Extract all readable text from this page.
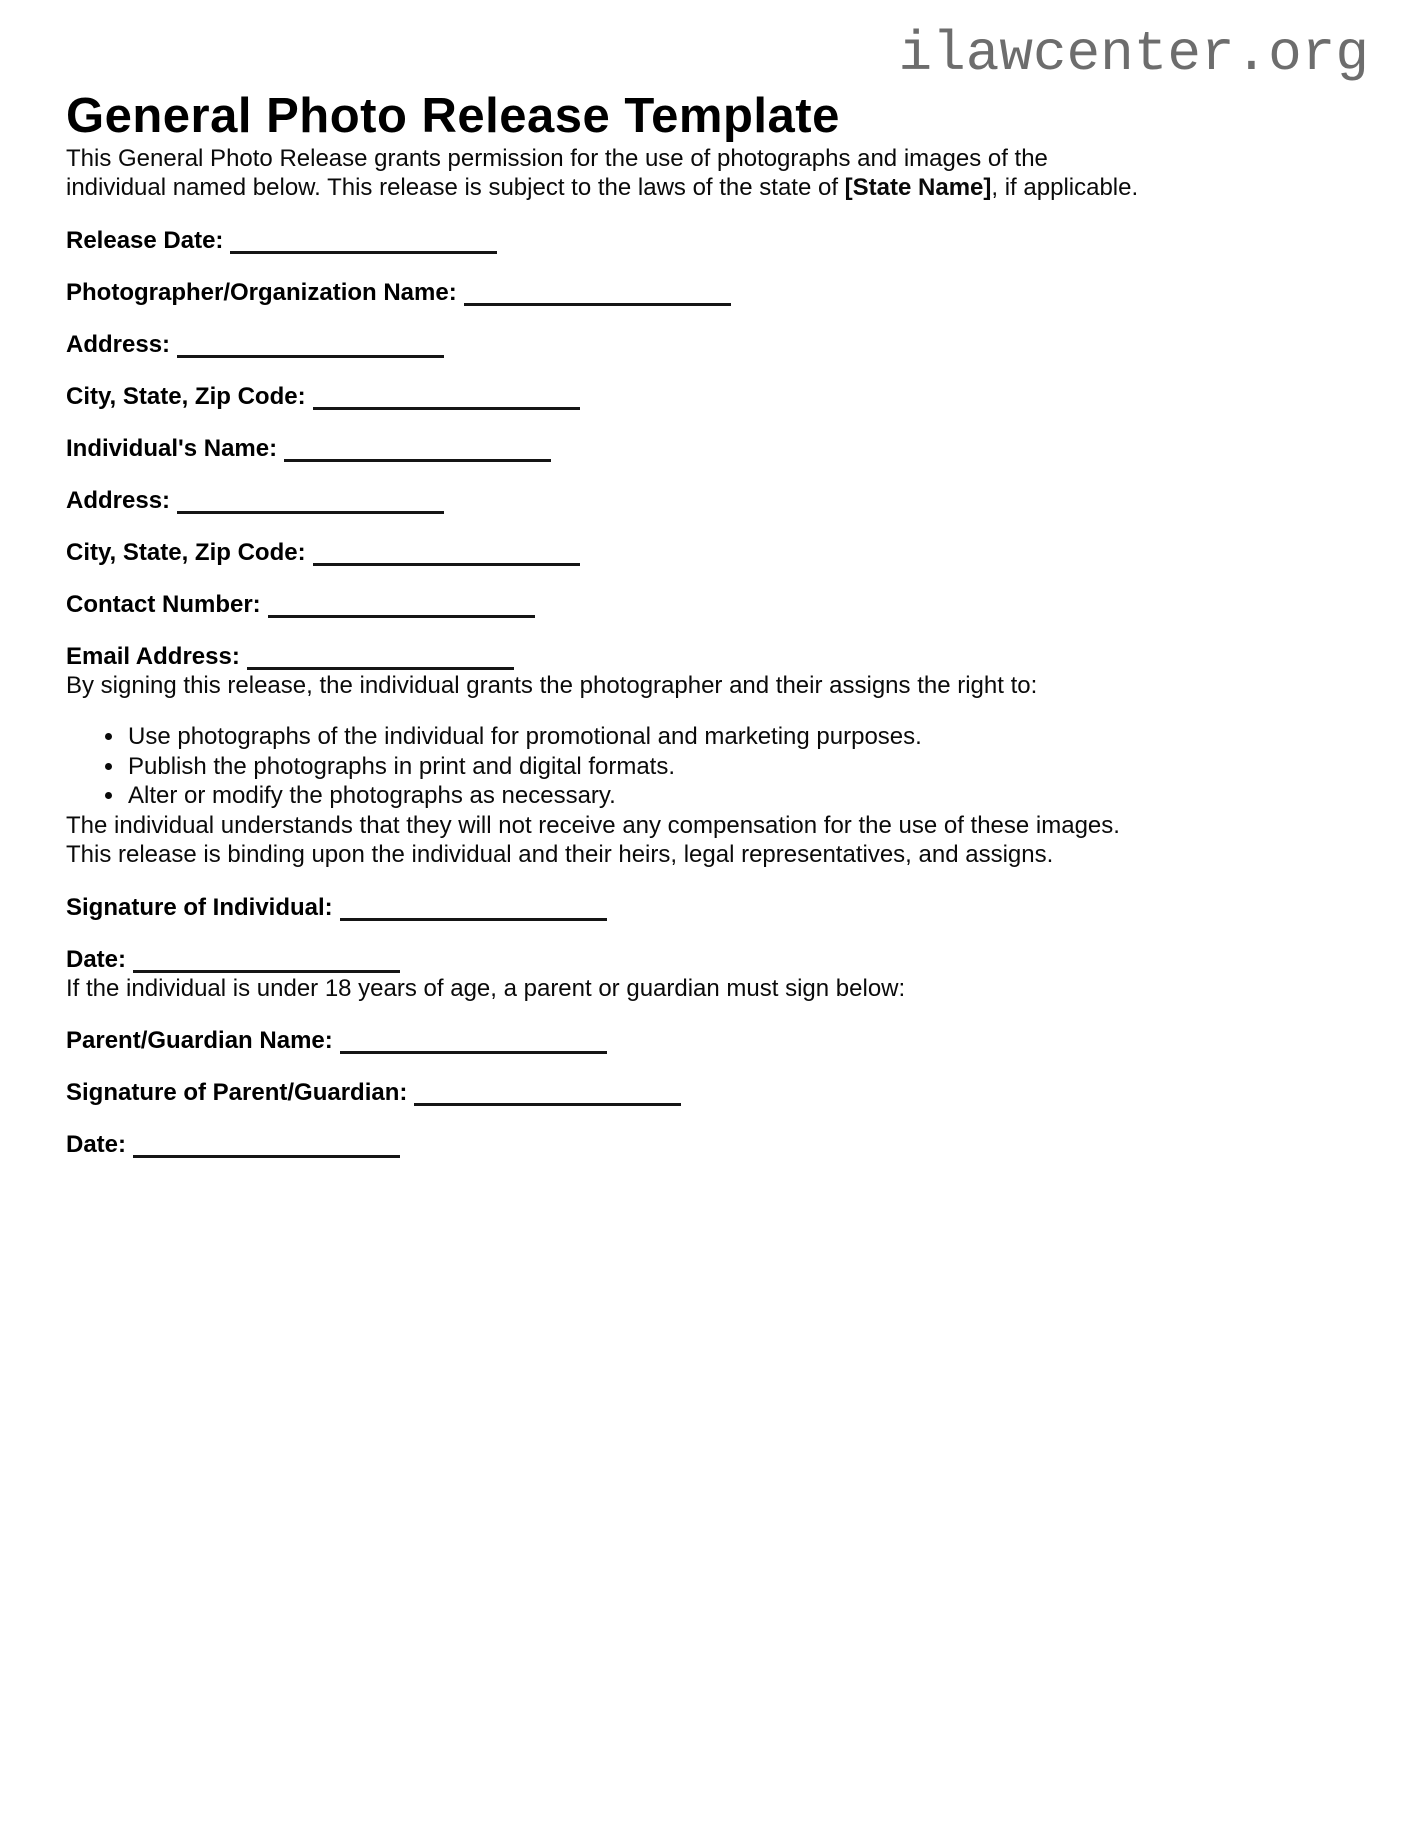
ilawcenter.org
General Photo Release Template

This General Photo Release grants permission for the use of photographs and images of the individual named below. This release is subject to the laws of the state of [State Name], if applicable.

Release Date:
Photographer/Organization Name:
Address:
City, State, Zip Code:
Individual's Name:
Address:
City, State, Zip Code:
Contact Number:
Email Address:

By signing this release, the individual grants the photographer and their assigns the right to:

• Use photographs of the individual for promotional and marketing purposes.
• Publish the photographs in print and digital formats.
• Alter or modify the photographs as necessary.

The individual understands that they will not receive any compensation for the use of these images. This release is binding upon the individual and their heirs, legal representatives, and assigns.

Signature of Individual:
Date:

If the individual is under 18 years of age, a parent or guardian must sign below:

Parent/Guardian Name:
Signature of Parent/Guardian:
Date:
